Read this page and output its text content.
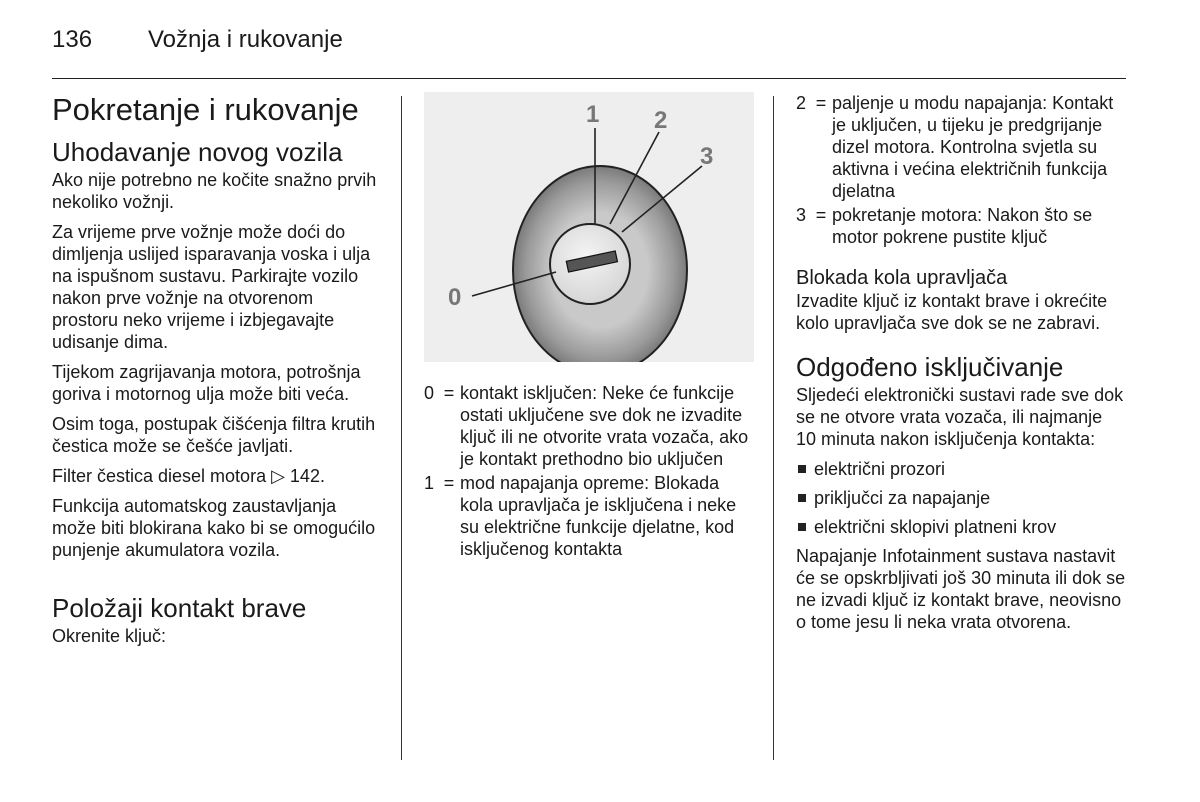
136 Vožnja i rukovanje
Pokretanje i rukovanje
Uhodavanje novog vozila

Ako nije potrebno ne kočite snažno prvih nekoliko vožnji.

Za vrijeme prve vožnje može doći do dimljenja uslijed isparavanja voska i ulja na ispušnom sustavu. Parkirajte vozilo nakon prve vožnje na otvorenom prostoru neko vrijeme i izbjegavajte udisanje dima.

Tijekom zagrijavanja motora, potrošnja goriva i motornog ulja može biti veća.

Osim toga, postupak čišćenja filtra krutih čestica može se češće javljati.

Filter čestica diesel motora ▷ 142.

Funkcija automatskog zaustavljanja može biti blokirana kako bi se omogućilo punjenje akumulatora vozila.

Položaji kontakt brave

Okrenite ključ:

0
1 2
3
0 = kontakt isključen: Neke će funkcije ostati uključene sve dok ne izvadite ključ ili ne otvorite vrata vozača, ako je kontakt prethodno bio uključen
1 = mod napajanja opreme: Blokada kola upravljača je isključena i neke su električne funkcije djelatne, kod isključenog kontakta
2 = paljenje u modu napajanja: Kontakt je uključen, u tijeku je predgrijanje dizel motora. Kontrolna svjetla su aktivna i većina električnih funkcija djelatna
3 = pokretanje motora: Nakon što se motor pokrene pustite ključ
Blokada kola upravljača

Izvadite ključ iz kontakt brave i okrećite kolo upravljača sve dok se ne zabravi.

Odgođeno isključivanje

Sljedeći elektronički sustavi rade sve dok se ne otvore vrata vozača, ili najmanje 10 minuta nakon isključenja kontakta:

električni prozori
priključci za napajanje
električni sklopivi platneni krov

Napajanje Infotainment sustava nastavit će se opskrbljivati još 30 minuta ili dok se ne izvadi ključ iz kontakt brave, neovisno o tome jesu li neka vrata otvorena.
